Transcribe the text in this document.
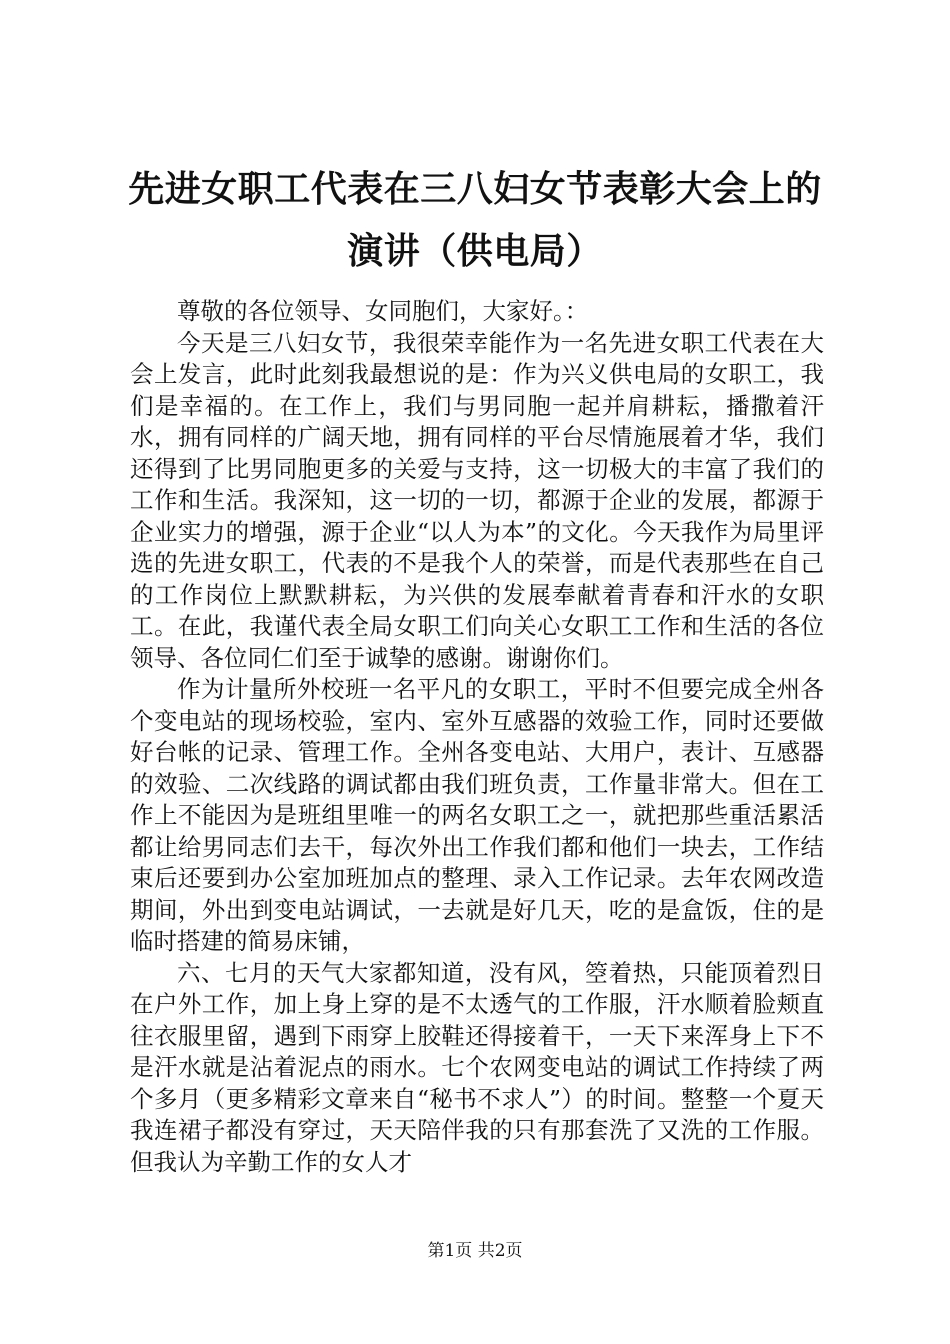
先进女职工代表在三八妇女节表彰大会上的演讲（供电局）

尊敬的各位领导、女同胞们，大家好。：

今天是三八妇女节，我很荣幸能作为一名先进女职工代表在大会上发言，此时此刻我最想说的是：作为兴义供电局的女职工，我们是幸福的。在工作上，我们与男同胞一起并肩耕耘，播撒着汗水，拥有同样的广阔天地，拥有同样的平台尽情施展着才华，我们还得到了比男同胞更多的关爱与支持，这一切极大的丰富了我们的工作和生活。我深知，这一切的一切，都源于企业的发展，都源于企业实力的增强，源于企业“以人为本”的文化。今天我作为局里评选的先进女职工，代表的不是我个人的荣誉，而是代表那些在自己的工作岗位上默默耕耘，为兴供的发展奉献着青春和汗水的女职工。在此，我谨代表全局女职工们向关心女职工工作和生活的各位领导、各位同仁们至于诚挚的感谢。谢谢你们。

作为计量所外校班一名平凡的女职工，平时不但要完成全州各个变电站的现场校验，室内、室外互感器的效验工作，同时还要做好台帐的记录、管理工作。全州各变电站、大用户，表计、互感器的效验、二次线路的调试都由我们班负责，工作量非常大。但在工作上不能因为是班组里唯一的两名女职工之一，就把那些重活累活都让给男同志们去干，每次外出工作我们都和他们一块去，工作结束后还要到办公室加班加点的整理、录入工作记录。去年农网改造期间，外出到变电站调试，一去就是好几天，吃的是盒饭，住的是临时搭建的简易床铺，

六、七月的天气大家都知道，没有风，箜着热，只能顶着烈日在户外工作，加上身上穿的是不太透气的工作服，汗水顺着脸颊直往衣服里留，遇到下雨穿上胶鞋还得接着干，一天下来浑身上下不是汗水就是沾着泥点的雨水。七个农网变电站的调试工作持续了两个多月（更多精彩文章来自“秘书不求人”）的时间。整整一个夏天我连裙子都没有穿过，天天陪伴我的只有那套洗了又洗的工作服。但我认为辛勤工作的女人才

第1页 共2页
